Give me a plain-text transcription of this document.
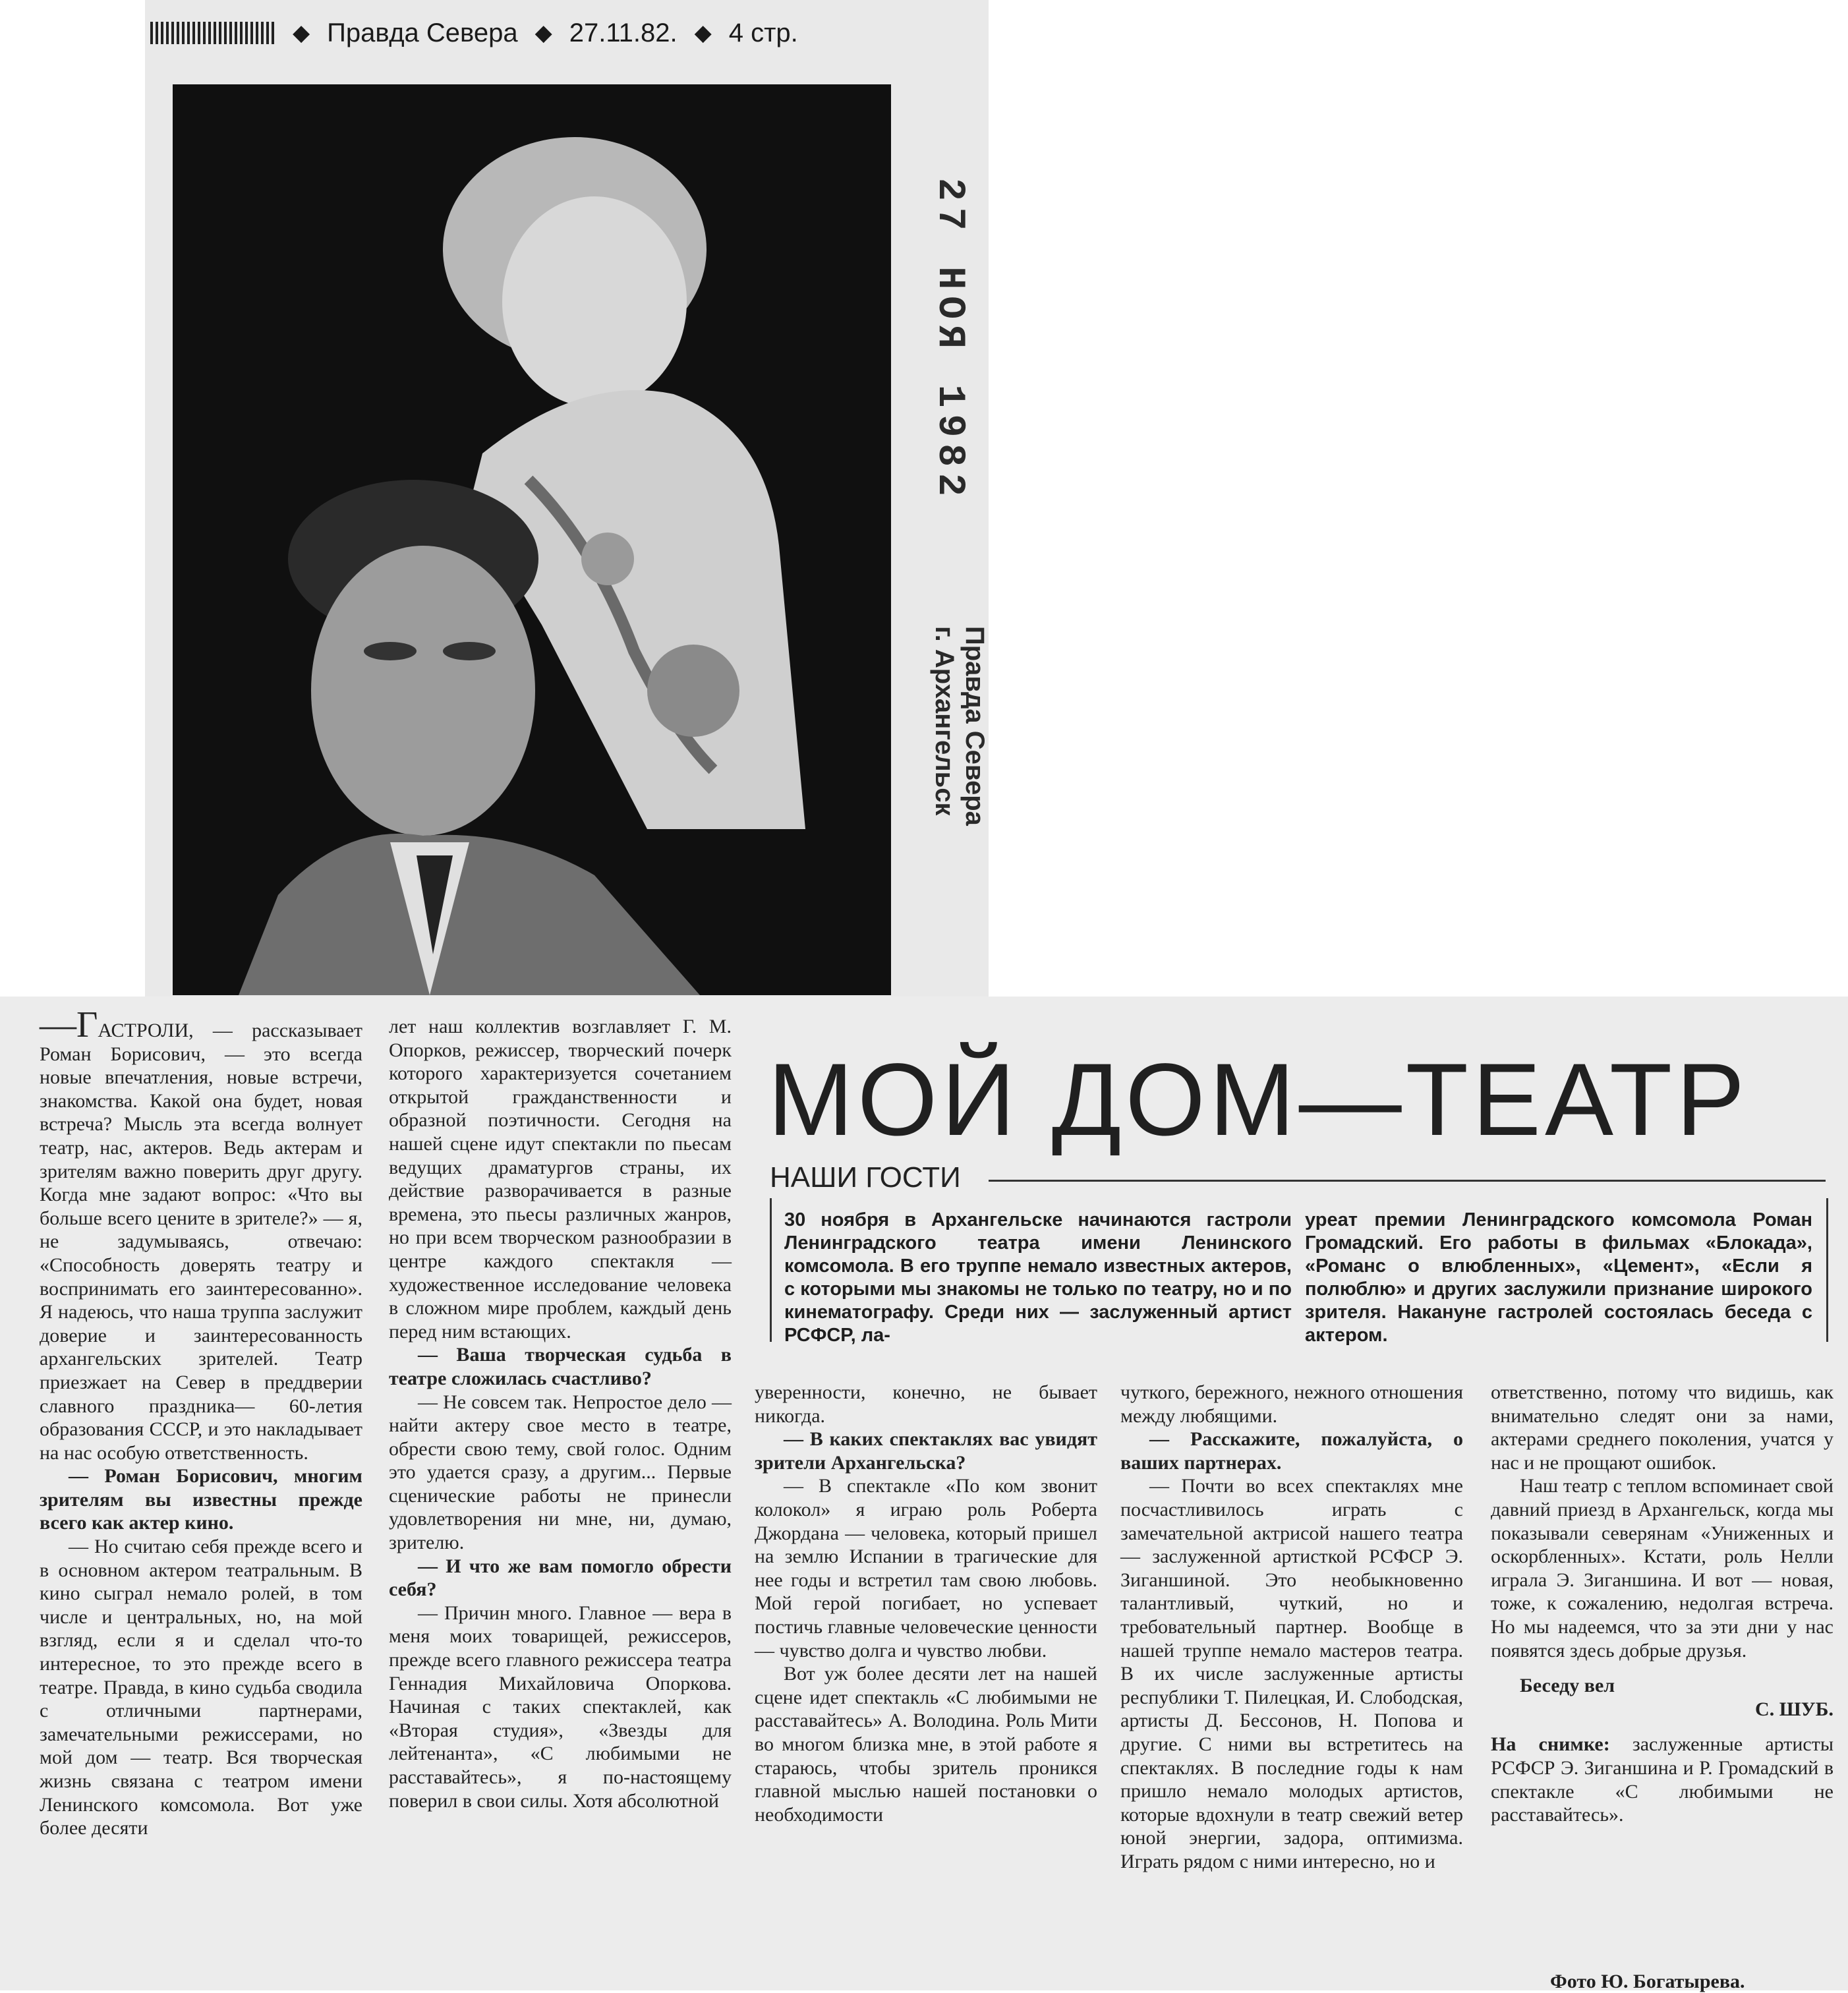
◆ Правда Севера ◆ 27.11.82. ◆ 4 стр.
27 НОЯ 1982
Правда Севера
г. Архангельск
МОЙ ДОМ—ТЕАТР
НАШИ ГОСТИ
30 ноября в Архангельске начинаются гастроли Ленинградского театра имени Ленинского комсомола. В его труппе немало известных актеров, с которыми мы знакомы не только по театру, но и по кинематографу. Среди них — заслуженный артист РСФСР, ла-
уреат премии Ленинградского комсомола Роман Громадский. Его работы в фильмах «Блокада», «Романс о влюбленных», «Цемент», «Если я полюблю» и других заслужили признание широкого зрителя. Накануне гастролей состоялась беседа с актером.

—ГАСТРОЛИ, — рассказывает Роман Борисович, — это всегда новые впечатления, новые встречи, знакомства. Какой она будет, новая встреча? Мысль эта всегда волнует театр, нас, актеров. Ведь актерам и зрителям важно поверить друг другу. Когда мне задают вопрос: «Что вы больше всего цените в зрителе?» — я, не задумываясь, отвечаю: «Способность доверять театру и воспринимать его заинтересованно». Я надеюсь, что наша труппа заслужит доверие и заинтересованность архангельских зрителей. Театр приезжает на Север в преддверии славного праздника— 60-летия образования СССР, и это накладывает на нас особую ответственность.

— Роман Борисович, многим зрителям вы известны прежде всего как актер кино.

— Но считаю себя прежде всего и в основном актером театральным. В кино сыграл немало ролей, в том числе и центральных, но, на мой взгляд, если я и сделал что-то интересное, то это прежде всего в театре. Правда, в кино судьба сводила с отличными партнерами, замечательными режиссерами, но мой дом — театр. Вся творческая жизнь связана с театром имени Ленинского комсомола. Вот уже более десяти

лет наш коллектив возглавляет Г. М. Опорков, режиссер, творческий почерк которого характеризуется сочетанием открытой гражданственности и образной поэтичности. Сегодня на нашей сцене идут спектакли по пьесам ведущих драматургов страны, их действие разворачивается в разные времена, это пьесы различных жанров, но при всем творческом разнообразии в центре каждого спектакля — художественное исследование человека в сложном мире проблем, каждый день перед ним встающих.

— Ваша творческая судьба в театре сложилась счастливо?

— Не совсем так. Непростое дело — найти актеру свое место в театре, обрести свою тему, свой голос. Одним это удается сразу, а другим... Первые сценические работы не принесли удовлетворения ни мне, ни, думаю, зрителю.

— И что же вам помогло обрести себя?

— Причин много. Главное — вера в меня моих товарищей, режиссеров, прежде всего главного режиссера театра Геннадия Михайловича Опоркова. Начиная с таких спектаклей, как «Вторая студия», «Звезды для лейтенанта», «С любимыми не расставайтесь», я по-настоящему поверил в свои силы. Хотя абсолютной

уверенности, конечно, не бывает никогда.

— В каких спектаклях вас увидят зрители Архангельска?

— В спектакле «По ком звонит колокол» я играю роль Роберта Джордана — человека, который пришел на землю Испании в трагические для нее годы и встретил там свою любовь. Мой герой погибает, но успевает постичь главные человеческие ценности — чувство долга и чувство любви.

Вот уж более десяти лет на нашей сцене идет спектакль «С любимыми не расставайтесь» А. Володина. Роль Мити во многом близка мне, в этой работе я стараюсь, чтобы зритель проникся главной мыслью нашей постановки о необходимости

чуткого, бережного, нежного отношения между любящими.

— Расскажите, пожалуйста, о ваших партнерах.

— Почти во всех спектаклях мне посчастливилось играть с замечательной актрисой нашего театра — заслуженной артисткой РСФСР Э. Зиганшиной. Это необыкновенно талантливый, чуткий, но и требовательный партнер. Вообще в нашей труппе немало мастеров театра. В их числе заслуженные артисты республики Т. Пилецкая, И. Слободская, артисты Д. Бессонов, Н. Попова и другие. С ними вы встретитесь на спектаклях. В последние годы к нам пришло немало молодых артистов, которые вдохнули в театр свежий ветер юной энергии, задора, оптимизма. Играть рядом с ними интересно, но и

ответственно, потому что видишь, как внимательно следят они за нами, актерами среднего поколения, учатся у нас и не прощают ошибок.

Наш театр с теплом вспоминает свой давний приезд в Архангельск, когда мы показывали северянам «Униженных и оскорбленных». Кстати, роль Нелли играла Э. Зиганшина. И вот — новая, тоже, к сожалению, недолгая встреча. Но мы надеемся, что за эти дни у нас появятся здесь добрые друзья.

Беседу вел

С. ШУБ.

На снимке: заслуженные артисты РСФСР Э. Зиганшина и Р. Громадский в спектакле «С любимыми не расставайтесь».

Фото Ю. Богатырева.
